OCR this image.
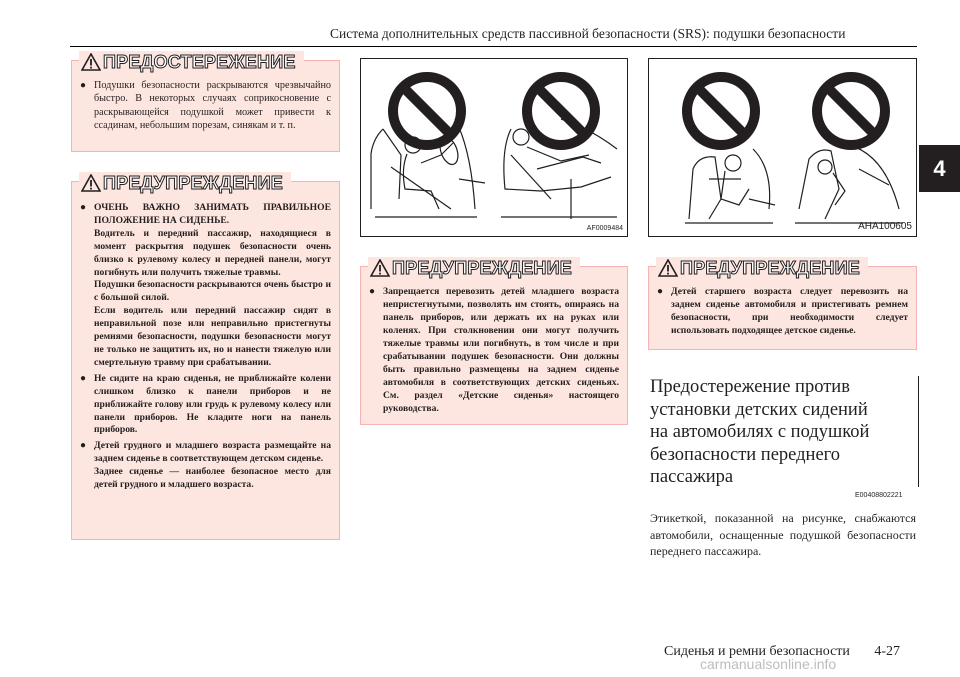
Система дополнительных средств пассивной безопасности (SRS): подушки безопасности
4
ПРЕДОСТЕРЕЖЕНИЕ

● Подушки безопасности раскрываются чрезвычайно быстро. В некоторых случаях соприкосновение с раскрывающейся подушкой может привести к ссадинам, небольшим порезам, синякам и т. п.

ПРЕДУПРЕЖДЕНИЕ

● ОЧЕНЬ ВАЖНО ЗАНИМАТЬ ПРАВИЛЬНОЕ ПОЛОЖЕНИЕ НА СИДЕНЬЕ.

Водитель и передний пассажир, находящиеся в момент раскрытия подушек безопасности очень близко к рулевому колесу и передней панели, могут погибнуть или получить тяжелые травмы.

Подушки безопасности раскрываются очень быстро и с большой силой.

Если водитель или передний пассажир сидят в неправильной позе или неправильно пристегнуты ремнями безопасности, подушки безопасности могут не только не защитить их, но и нанести тяжелую или смертельную травму при срабатывании.

● Не сидите на краю сиденья, не приближайте колени слишком близко к панели приборов и не приближайте голову или грудь к рулевому колесу или панели приборов. Не кладите ноги на панель приборов.

● Детей грудного и младшего возраста размещайте на заднем сиденье в соответствующем детском сиденье.

Заднее сиденье — наиболее безопасное место для детей грудного и младшего возраста.

AF0009484	AHA100605
ПРЕДУПРЕЖДЕНИЕ

● Запрещается перевозить детей младшего возраста непристегнутыми, позволять им стоять, опираясь на панель приборов, или держать их на руках или коленях. При столкновении они могут получить тяжелые травмы или погибнуть, в том числе и при срабатывании подушек безопасности. Они должны быть правильно размещены на заднем сиденье автомобиля в соответствующих детских сиденьях. См. раздел «Детские сиденья» настоящего руководства.

ПРЕДУПРЕЖДЕНИЕ

● Детей старшего возраста следует перевозить на заднем сиденье автомобиля и пристегивать ремнем безопасности, при необходимости следует использовать подходящее детское сиденье.

Предостережение против
установки детских сидений
на автомобилях с подушкой
безопасности переднего
пассажира
E00408802221
Этикеткой, показанной на рисунке, снабжаются автомобили, оснащенные подушкой безопасности переднего пассажира.
Сиденья и ремни безопасности       4-27
carmanualsonline.info
